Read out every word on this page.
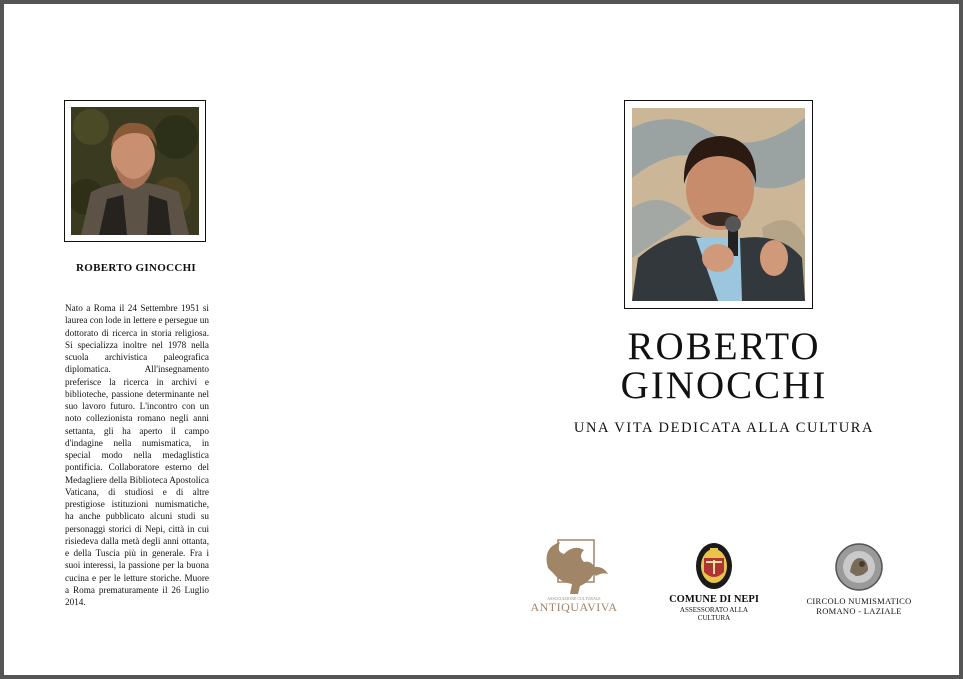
ROBERTO GINOCCHI
Nato a Roma il 24 Settembre 1951 si laurea con lode in lettere e persegue un dottorato di ricerca in storia religiosa. Si specializza inoltre nel 1978 nella scuola archivistica paleografica diplomatica. All'insegnamento preferisce la ricerca in archivi e biblioteche, passione determinante nel suo lavoro futuro. L'incontro con un noto collezionista romano negli anni settanta, gli ha aperto il campo d'indagine nella numismatica, in special modo nella medaglistica pontificia. Collaboratore esterno del Medagliere della Biblioteca Apostolica Vaticana, di studiosi e di altre prestigiose istituzioni numismatiche, ha anche pubblicato alcuni studi su personaggi storici di Nepi, città in cui risiedeva dalla metà degli anni ottanta, e della Tuscia più in generale. Fra i suoi interessi, la passione per la buona cucina e per le letture storiche. Muore a Roma prematuramente il 26 Luglio 2014.
ROBERTO
GINOCCHI
UNA VITA DEDICATA ALLA CULTURA
ASSOCIAZIONE CULTURALE
ANTIQUAVIVA
COMUNE DI NEPI
ASSESSORATO ALLA CULTURA
CIRCOLO NUMISMATICO
ROMANO - LAZIALE
